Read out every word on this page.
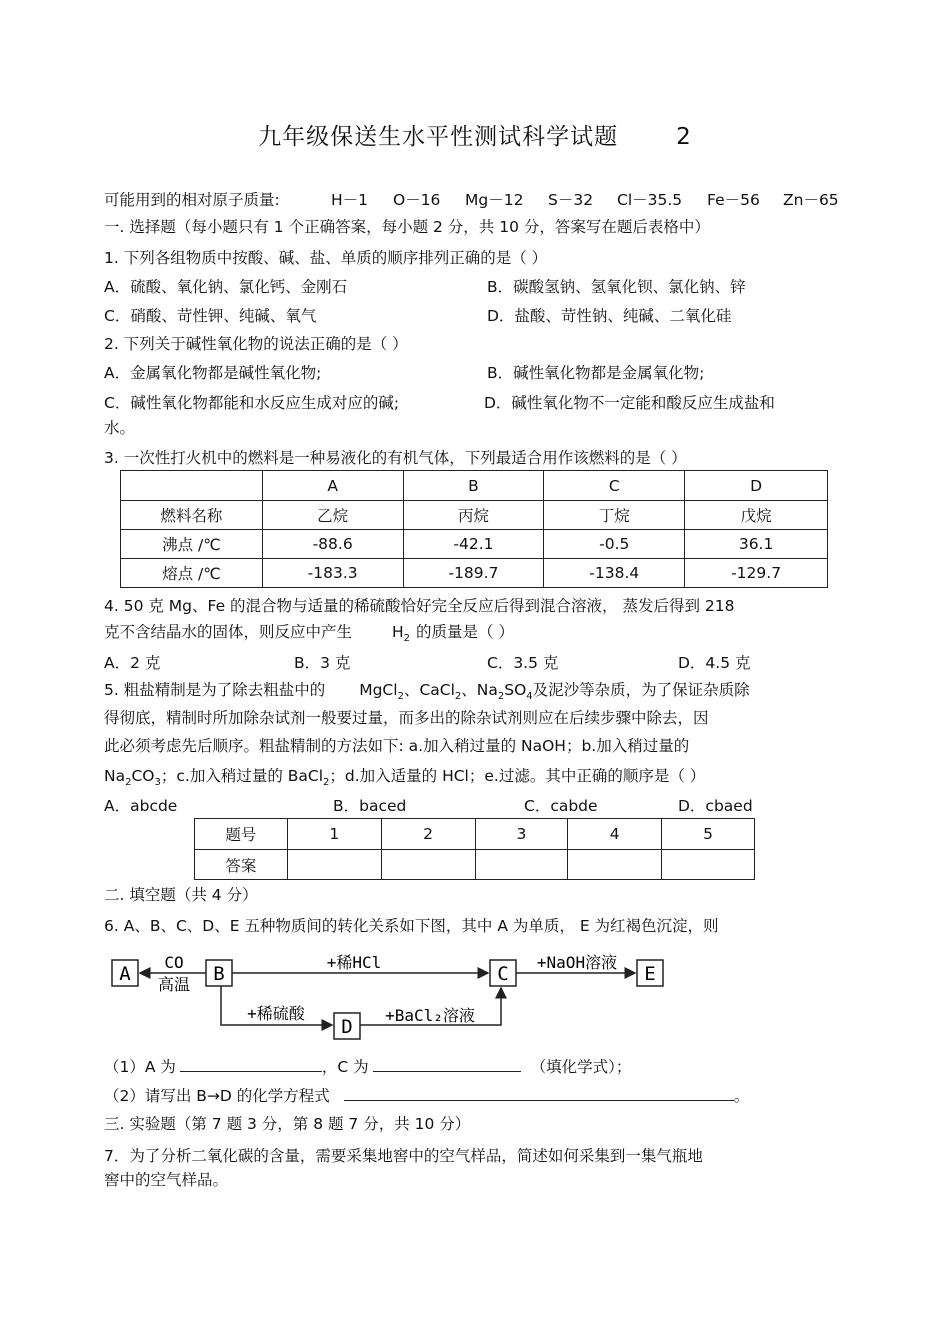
九年级保送生水平性测试科学试题	2
可能用到的相对原子质量:	H－1 O－16 Mg－12 S－32 Cl－35.5 Fe－56 Zn－65
一. 选择题（每小题只有 1 个正确答案，每小题 2 分，共 10 分，答案写在题后表格中）
1. 下列各组物质中按酸、碱、盐、单质的顺序排列正确的是（ ）
A．硫酸、氧化钠、氯化钙、金刚石	B．碳酸氢钠、氢氧化钡、氯化钠、锌
C．硝酸、苛性钾、纯碱、氧气	D．盐酸、苛性钠、纯碱、二氧化硅
2. 下列关于碱性氧化物的说法正确的是（ ）
A．金属氧化物都是碱性氧化物;	B．碱性氧化物都是金属氧化物;
C．碱性氧化物都能和水反应生成对应的碱;	D．碱性氧化物不一定能和酸反应生成盐和
水。
3. 一次性打火机中的燃料是一种易液化的有机气体，下列最适合用作该燃料的是（ ）
	A	B	C	D
燃料名称	乙烷	丙烷	丁烷	戊烷
沸点 /℃	-88.6	-42.1	-0.5	36.1
熔点 /℃	-183.3	-189.7	-138.4	-129.7
4. 50 克 Mg、Fe 的混合物与适量的稀硫酸恰好完全反应后得到混合溶液， 蒸发后得到 218
克不含结晶水的固体，则反应中产生	$H_2$ 的质量是（ ）
A．2 克	B．3 克	C．3.5 克	D．4.5 克
5. 粗盐精制是为了除去粗盐中的 MgCl$_2$、CaCl$_2$、$Na_2SO_4$及泥沙等杂质，为了保证杂质除
得彻底，精制时所加除杂试剂一般要过量，而多出的除杂试剂则应在后续步骤中除去，因
此必须考虑先后顺序。粗盐精制的方法如下: a.加入稍过量的 NaOH；b.加入稍过量的
$Na_2CO_3$；c.加入稍过量的 BaCl$_2$；d.加入适量的 HCl；e.过滤。其中正确的顺序是（ ）
A．abcde	B．baced	C．cabde	D．cbaed
题号	1	2	3	4	5
答案					
二. 填空题（共 4 分）
6. A、B、C、D、E 五种物质间的转化关系如下图，其中 A 为单质， E 为红褐色沉淀，则
A	B	C	E
D
CO
高温
+稀HCl	+NaOH溶液
+稀硫酸	+BaCl₂溶液
（1）A 为	，C 为	（填化学式）；
（2）请写出 B→D 的化学方程式	。
三. 实验题（第 7 题 3 分，第 8 题 7 分，共 10 分）
7．为了分析二氧化碳的含量，需要采集地窖中的空气样品，简述如何采集到一集气瓶地
窖中的空气样品。
